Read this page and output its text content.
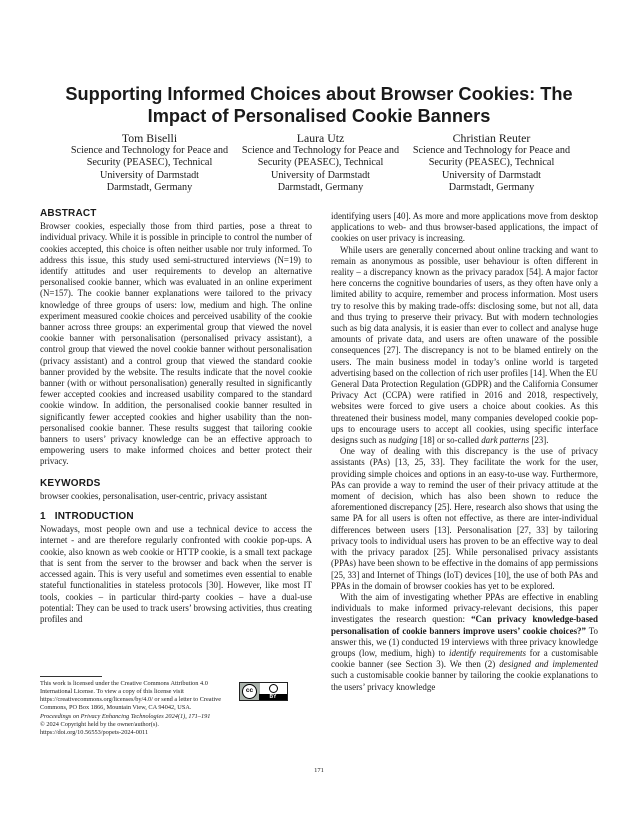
Supporting Informed Choices about Browser Cookies: The Impact of Personalised Cookie Banners
Tom Biselli
Science and Technology for Peace and Security (PEASEC), Technical University of Darmstadt
Darmstadt, Germany
Laura Utz
Science and Technology for Peace and Security (PEASEC), Technical University of Darmstadt
Darmstadt, Germany
Christian Reuter
Science and Technology for Peace and Security (PEASEC), Technical University of Darmstadt
Darmstadt, Germany
ABSTRACT

Browser cookies, especially those from third parties, pose a threat to individual privacy. While it is possible in principle to control the number of cookies accepted, this choice is often neither usable nor truly informed. To address this issue, this study used semi-structured interviews (N=19) to identify attitudes and user requirements to develop an alternative personalised cookie banner, which was evaluated in an online experiment (N=157). The cookie banner explanations were tailored to the privacy knowledge of three groups of users: low, medium and high. The online experiment measured cookie choices and perceived usability of the cookie banner across three groups: an experimental group that viewed the novel cookie banner with personalisation (personalised privacy assistant), a control group that viewed the novel cookie banner without personalisation (privacy assistant) and a control group that viewed the standard cookie banner provided by the website. The results indicate that the novel cookie banner (with or without personalisation) generally resulted in significantly fewer accepted cookies and increased usability compared to the standard cookie window. In addition, the personalised cookie banner resulted in significantly fewer accepted cookies and higher usability than the non-personalised cookie banner. These results suggest that tailoring cookie banners to users’ privacy knowledge can be an effective approach to empowering users to make informed choices and better protect their privacy.

KEYWORDS

browser cookies, personalisation, user-centric, privacy assistant

1 INTRODUCTION

Nowadays, most people own and use a technical device to access the internet - and are therefore regularly confronted with cookie pop-ups. A cookie, also known as web cookie or HTTP cookie, is a small text package that is sent from the server to the browser and back when the server is accessed again. This is very useful and sometimes even essential to enable stateful functionalities in stateless protocols [30]. However, like most IT tools, cookies – in particular third-party cookies – have a dual-use potential: They can be used to track users’ browsing activities, thus creating profiles and

identifying users [40]. As more and more applications move from desktop applications to web- and thus browser-based applications, the impact of cookies on user privacy is increasing.

While users are generally concerned about online tracking and want to remain as anonymous as possible, user behaviour is often different in reality – a discrepancy known as the privacy paradox [54]. A major factor here concerns the cognitive boundaries of users, as they often have only a limited ability to acquire, remember and process information. Most users try to resolve this by making trade-offs: disclosing some, but not all, data and thus trying to preserve their privacy. But with modern technologies such as big data analysis, it is easier than ever to collect and analyse huge amounts of private data, and users are often unaware of the possible consequences [27]. The discrepancy is not to be blamed entirely on the users. The main business model in today’s online world is targeted advertising based on the collection of rich user profiles [14]. When the EU General Data Protection Regulation (GDPR) and the California Consumer Privacy Act (CCPA) were ratified in 2016 and 2018, respectively, websites were forced to give users a choice about cookies. As this threatened their business model, many companies developed cookie pop-ups to encourage users to accept all cookies, using specific interface designs such as nudging [18] or so-called dark patterns [23].

One way of dealing with this discrepancy is the use of privacy assistants (PAs) [13, 25, 33]. They facilitate the work for the user, providing simple choices and options in an easy-to-use way. Furthermore, PAs can provide a way to remind the user of their privacy attitude at the moment of decision, which has also been shown to reduce the aforementioned discrepancy [25]. Here, research also shows that using the same PA for all users is often not effective, as there are inter-individual differences between users [13]. Personalisation [27, 33] by tailoring privacy tools to individual users has proven to be an effective way to deal with the privacy paradox [25]. While personalised privacy assistants (PPAs) have been shown to be effective in the domains of app permissions [25, 33] and Internet of Things (IoT) devices [10], the use of both PAs and PPAs in the domain of browser cookies has yet to be explored.

With the aim of investigating whether PPAs are effective in enabling individuals to make informed privacy-relevant decisions, this paper investigates the research question: “Can privacy knowledge-based personalisation of cookie banners improve users’ cookie choices?” To answer this, we (1) conducted 19 interviews with three privacy knowledge groups (low, medium, high) to identify requirements for a customisable cookie banner (see Section 3). We then (2) designed and implemented such a customisable cookie banner by tailoring the cookie explanations to the users’ privacy knowledge

This work is licensed under the Creative Commons Attribution 4.0 International License. To view a copy of this license visit https://creativecommons.org/licenses/by/4.0/ or send a letter to Creative Commons, PO Box 1866, Mountain View, CA 94042, USA.
Proceedings on Privacy Enhancing Technologies 2024(1), 171–191
© 2024 Copyright held by the owner/author(s).
https://doi.org/10.56553/popets-2024-0011
cc
BY
171
